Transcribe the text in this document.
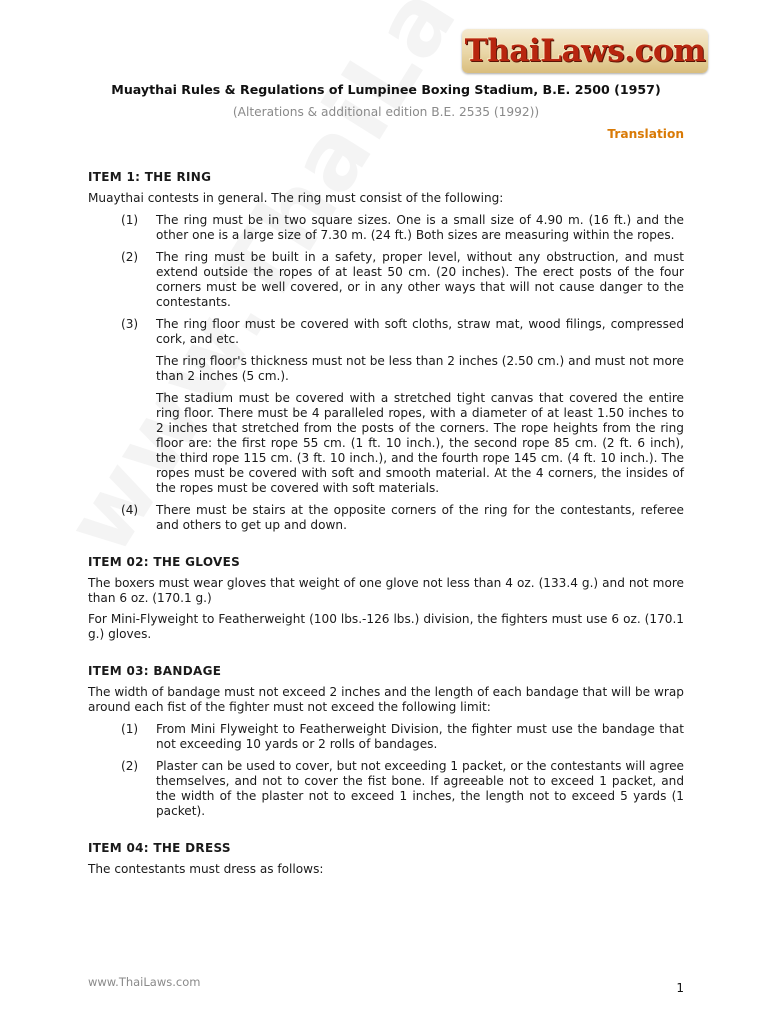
ThaiLaws.com
Muaythai Rules & Regulations of Lumpinee Boxing Stadium, B.E. 2500 (1957)
(Alterations & additional edition B.E. 2535 (1992))
Translation
ITEM 1: THE RING

Muaythai contests in general. The ring must consist of the following:

(1)	The ring must be in two square sizes. One is a small size of 4.90 m. (16 ft.) and the other one is a large size of 7.30 m. (24 ft.) Both sizes are measuring within the ropes.

(2)	The ring must be built in a safety, proper level, without any obstruction, and must extend outside the ropes of at least 50 cm. (20 inches). The erect posts of the four corners must be well covered, or in any other ways that will not cause danger to the contestants.

(3)	The ring floor must be covered with soft cloths, straw mat, wood filings, compressed cork, and etc.

The ring floor's thickness must not be less than 2 inches (2.50 cm.) and must not more than 2 inches (5 cm.).

The stadium must be covered with a stretched tight canvas that covered the entire ring floor. There must be 4 paralleled ropes, with a diameter of at least 1.50 inches to 2 inches that stretched from the posts of the corners. The rope heights from the ring floor are: the first rope 55 cm. (1 ft. 10 inch.), the second rope 85 cm. (2 ft. 6 inch), the third rope 115 cm. (3 ft. 10 inch.), and the fourth rope 145 cm. (4 ft. 10 inch.). The ropes must be covered with soft and smooth material. At the 4 corners, the insides of the ropes must be covered with soft materials.

(4)	There must be stairs at the opposite corners of the ring for the contestants, referee and others to get up and down.

ITEM 02: THE GLOVES

The boxers must wear gloves that weight of one glove not less than 4 oz. (133.4 g.) and not more than 6 oz. (170.1 g.)

For Mini-Flyweight to Featherweight (100 lbs.-126 lbs.) division, the fighters must use 6 oz. (170.1 g.) gloves.

ITEM 03: BANDAGE

The width of bandage must not exceed 2 inches and the length of each bandage that will be wrap around each fist of the fighter must not exceed the following limit:

(1)	From Mini Flyweight to Featherweight Division, the fighter must use the bandage that not exceeding 10 yards or 2 rolls of bandages.

(2)	Plaster can be used to cover, but not exceeding 1 packet, or the contestants will agree themselves, and not to cover the fist bone. If agreeable not to exceed 1 packet, and the width of the plaster not to exceed 1 inches, the length not to exceed 5 yards (1 packet).

ITEM 04: THE DRESS

The contestants must dress as follows:

www.ThaiLaws.com	1
